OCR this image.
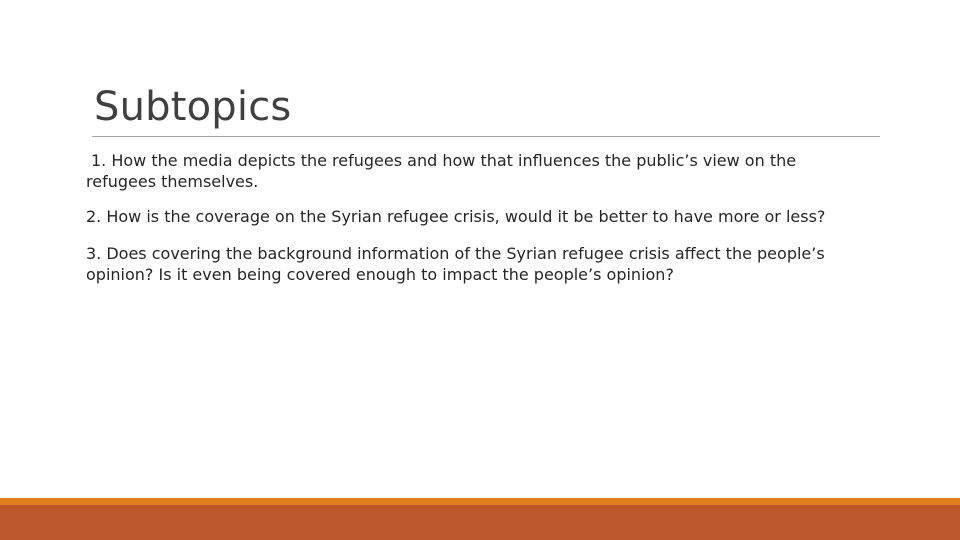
Subtopics
1. How the media depicts the refugees and how that influences the public’s view on the refugees themselves.
2. How is the coverage on the Syrian refugee crisis, would it be better to have more or less?
3. Does covering the background information of the Syrian refugee crisis affect the people’s opinion? Is it even being covered enough to impact the people’s opinion?
